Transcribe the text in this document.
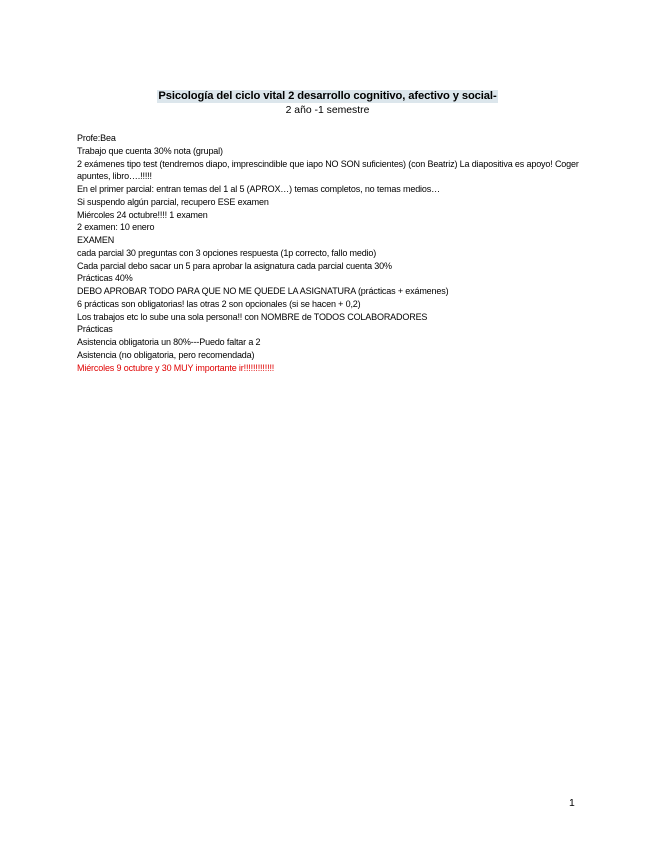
Psicología del ciclo vital 2 desarrollo cognitivo, afectivo y social-
2 año -1 semestre
Profe:Bea
Trabajo que cuenta 30% nota (grupal)
2 exámenes tipo test (tendremos diapo, imprescindible que iapo NO SON suficientes) (con Beatriz) La diapositiva es apoyo! Coger apuntes, libro….!!!!!
En el primer parcial: entran temas del 1 al 5 (APROX…) temas completos, no temas medios…
Si suspendo algún parcial, recupero ESE examen
Miércoles 24 octubre!!!! 1 examen
2 examen: 10 enero
EXAMEN
cada parcial 30 preguntas con 3 opciones respuesta (1p correcto, fallo medio)
Cada parcial debo sacar un 5 para aprobar la asignatura cada parcial cuenta 30%
Prácticas 40%
DEBO APROBAR TODO PARA QUE NO ME QUEDE LA ASIGNATURA (prácticas + exámenes)
6 prácticas son obligatorias! las otras 2 son opcionales (si se hacen + 0,2)
Los trabajos etc lo sube una sola persona!! con NOMBRE de TODOS COLABORADORES
Prácticas
Asistencia obligatoria un 80%---Puedo faltar a 2
Asistencia (no obligatoria, pero recomendada)
Miércoles 9 octubre y 30 MUY importante ir!!!!!!!!!!!!!
1
